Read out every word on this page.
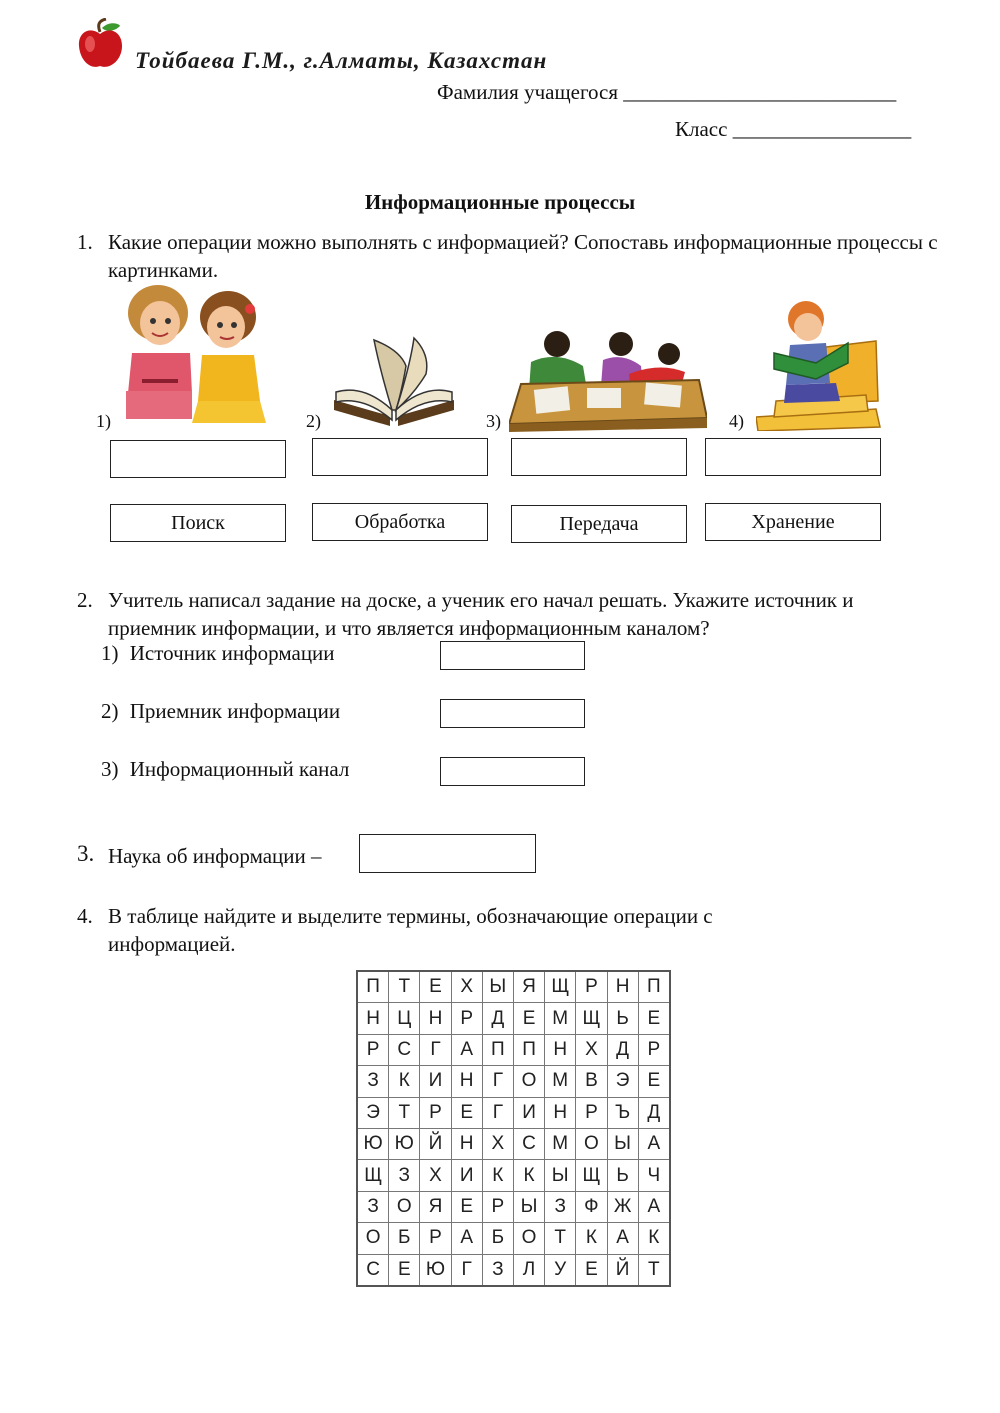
Тойбаева Г.М., г.Алматы, Казахстан
Фамилия учащегося __________________________
Класс _________________
Информационные процессы
1. Какие операции можно выполнять с информацией? Сопоставь информационные процессы с картинками.
1)	2)	3)	4)
Поиск	Обработка	Передача	Хранение
2. Учитель написал задание на доске, а ученик его начал решать. Укажите источник и приемник информации, и что является информационным каналом?
1) Источник информации
2) Приемник информации
3) Информационный канал
3. Наука об информации –
4. В таблице найдите и выделите термины, обозначающие операции с информацией.
П	Т	Е	Х	Ы	Я	Щ	Р	Н	П
Н	Ц	Н	Р	Д	Е	М	Щ	Ь	Е
Р	С	Г	А	П	П	Н	Х	Д	Р
З	К	И	Н	Г	О	М	В	Э	Е
Э	Т	Р	Е	Г	И	Н	Р	Ъ	Д
Ю	Ю	Й	Н	Х	С	М	О	Ы	А
Щ	З	Х	И	К	К	Ы	Щ	Ь	Ч
З	О	Я	Е	Р	Ы	З	Ф	Ж	А
О	Б	Р	А	Б	О	Т	К	А	К
С	Е	Ю	Г	З	Л	У	Е	Й	Т
